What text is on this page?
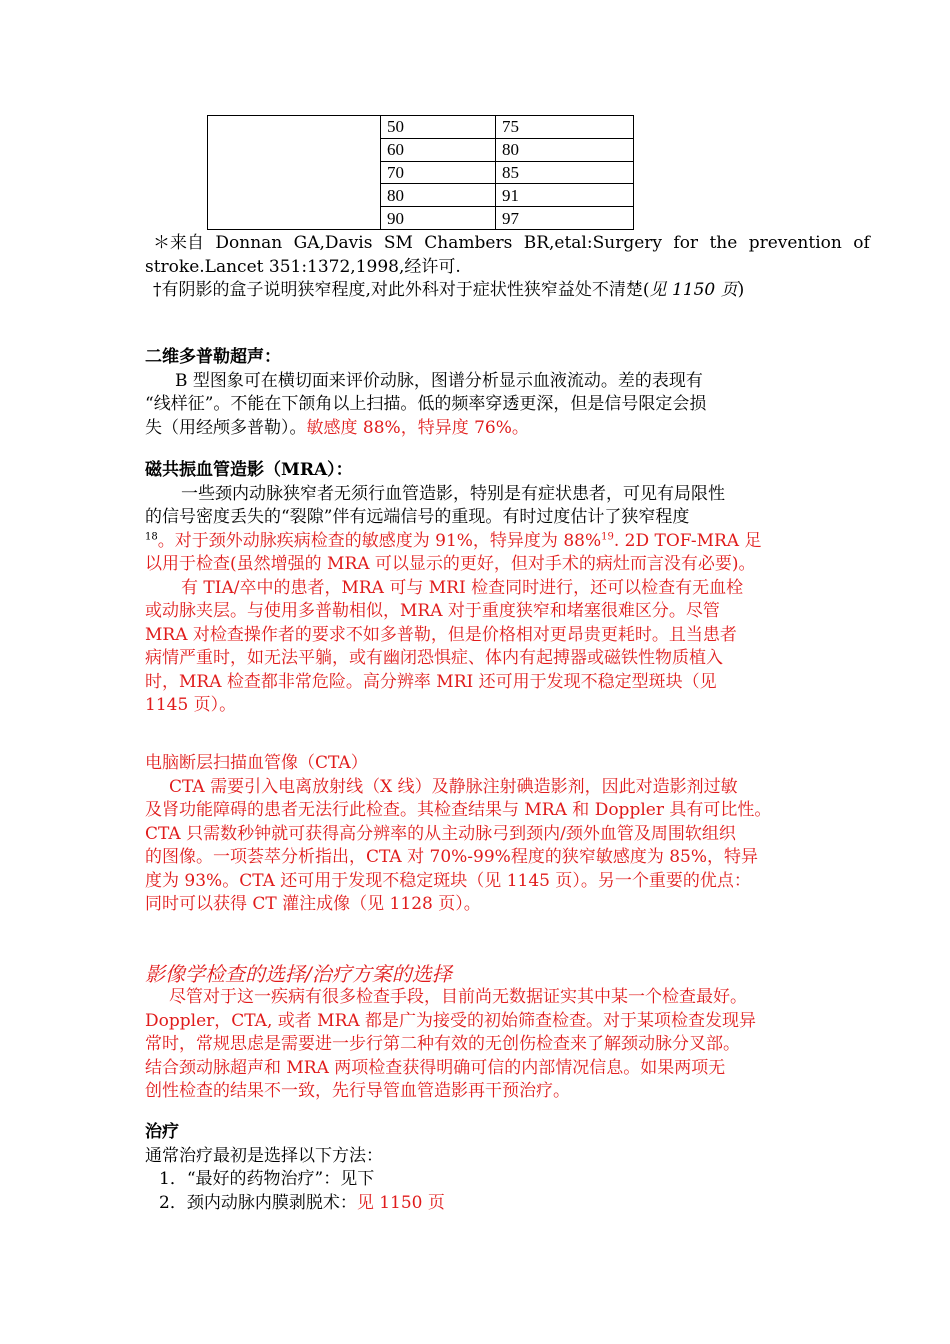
	50	75
	60	80
	70	85
	80	91
	90	97
＊来自 Donnan GA,Davis SM Chambers BR,etal:Surgery for the prevention of
stroke.Lancet 351:1372,1998,经许可.
†有阴影的盒子说明狭窄程度,对此外科对于症状性狭窄益处不清楚(见 1150 页)
二维多普勒超声：
B 型图象可在横切面来评价动脉，图谱分析显示血液流动。差的表现有
“线样征”。不能在下颌角以上扫描。低的频率穿透更深，但是信号限定会损
失（用经颅多普勒）。敏感度 88%，特异度 76%。
磁共振血管造影（MRA）：
一些颈内动脉狭窄者无须行血管造影，特别是有症状患者，可见有局限性
的信号密度丢失的“裂隙”伴有远端信号的重现。有时过度估计了狭窄程度
$^{18}$。对于颈外动脉疾病检查的敏感度为 91%，特异度为 88%$^{19}$. 2D TOF-MRA 足
以用于检查(虽然增强的 MRA 可以显示的更好，但对手术的病灶而言没有必要)。
有 TIA/卒中的患者，MRA 可与 MRI 检查同时进行，还可以检查有无血栓
或动脉夹层。与使用多普勒相似，MRA 对于重度狭窄和堵塞很难区分。尽管
MRA 对检查操作者的要求不如多普勒，但是价格相对更昂贵更耗时。且当患者
病情严重时，如无法平躺，或有幽闭恐惧症、体内有起搏器或磁铁性物质植入
时，MRA 检查都非常危险。高分辨率 MRI 还可用于发现不稳定型斑块（见
1145 页）。
电脑断层扫描血管像（CTA）
CTA 需要引入电离放射线（X 线）及静脉注射碘造影剂，因此对造影剂过敏
及肾功能障碍的患者无法行此检查。其检查结果与 MRA 和 Doppler 具有可比性。
CTA 只需数秒钟就可获得高分辨率的从主动脉弓到颈内/颈外血管及周围软组织
的图像。一项荟萃分析指出，CTA 对 70%-99%程度的狭窄敏感度为 85%，特异
度为 93%。CTA 还可用于发现不稳定斑块（见 1145 页）。另一个重要的优点：
同时可以获得 CT 灌注成像（见 1128 页）。
影像学检查的选择/治疗方案的选择
尽管对于这一疾病有很多检查手段，目前尚无数据证实其中某一个检查最好。
Doppler，CTA, 或者 MRA 都是广为接受的初始筛查检查。对于某项检查发现异
常时，常规思虑是需要进一步行第二种有效的无创伤检查来了解颈动脉分叉部。
结合颈动脉超声和 MRA 两项检查获得明确可信的内部情况信息。如果两项无
创性检查的结果不一致，先行导管血管造影再干预治疗。
治疗
通常治疗最初是选择以下方法：
1．“最好的药物治疗”：见下
2．颈内动脉内膜剥脱术：见 1150 页
